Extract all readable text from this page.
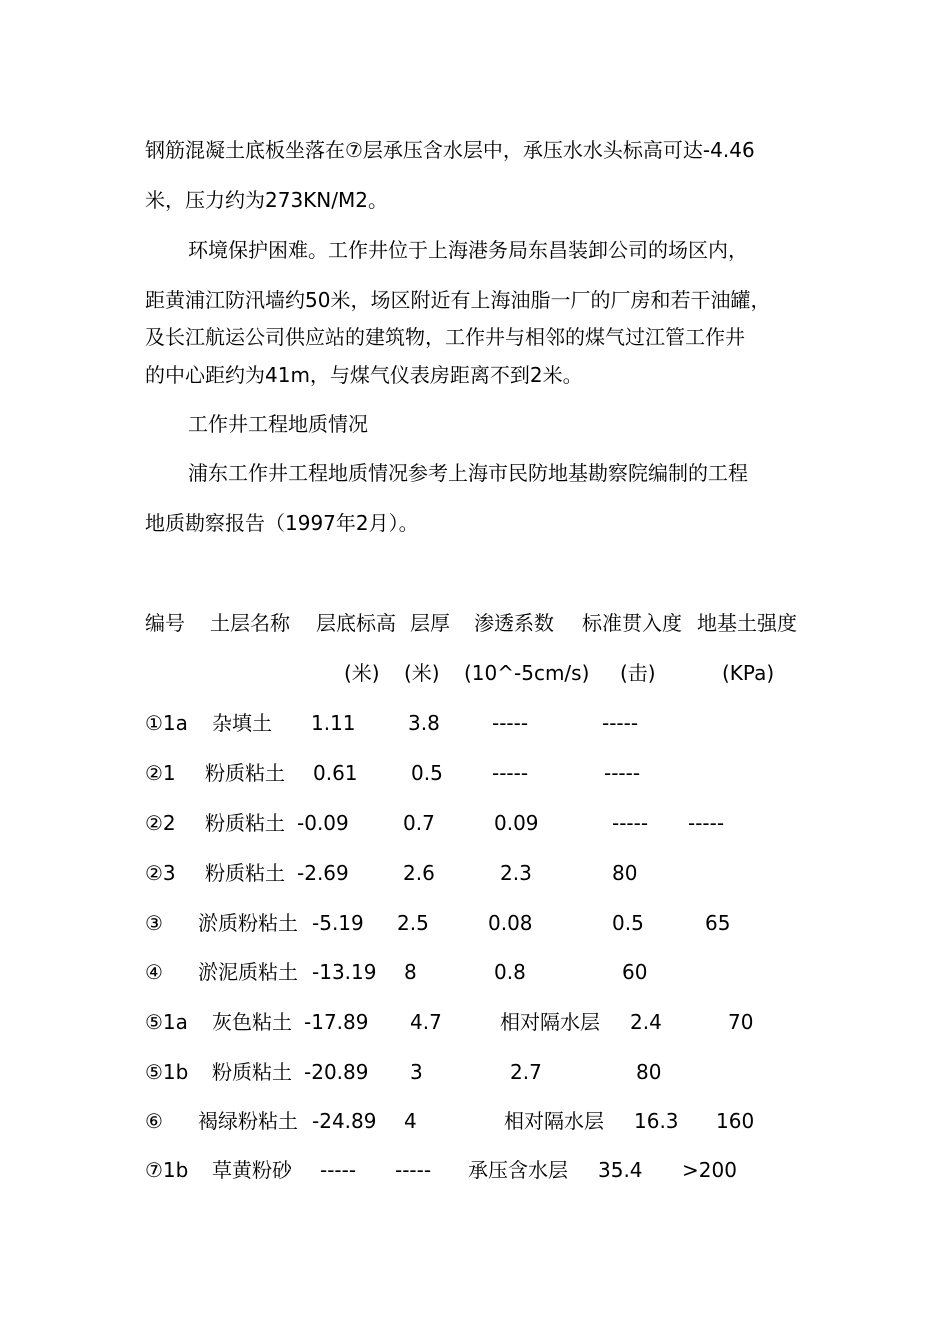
钢筋混凝土底板坐落在⑦层承压含水层中，承压水水头标高可达-4.46
米，压力约为273KN/M2。
环境保护困难。工作井位于上海港务局东昌装卸公司的场区内，
距黄浦江防汛墙约50米，场区附近有上海油脂一厂的厂房和若干油罐，
及长江航运公司供应站的建筑物，工作井与相邻的煤气过江管工作井
的中心距约为41m，与煤气仪表房距离不到2米。
工作井工程地质情况
浦东工作井工程地质情况参考上海市民防地基勘察院编制的工程
地质勘察报告（1997年2月）。
编号 土层名称 层底标高 层厚 渗透系数 标准贯入度 地基土强度
(米) (米) (10^-5cm/s) (击)	(KPa)
①1a 杂填土 1.11	3.8	-----	-----
②1 粉质粘土 0.61	0.5 -----	-----
②2 粉质粘土 -0.09	0.7	0.09	----- -----
②3 粉质粘土 -2.69	2.6	2.3	80
③ 淤质粉粘土 -5.19 2.5	0.08	0.5	65
④ 淤泥质粘土 -13.19 8	0.8	60
⑤1a 灰色粘土 -17.89 4.7	相对隔水层 2.4	70
⑤1b 粉质粘土 -20.89 3	2.7	80
⑥ 褐绿粉粘土 -24.89 4	相对隔水层 16.3 160
⑦1b 草黄粉砂 ----- ----- 承压含水层 35.4 >200
